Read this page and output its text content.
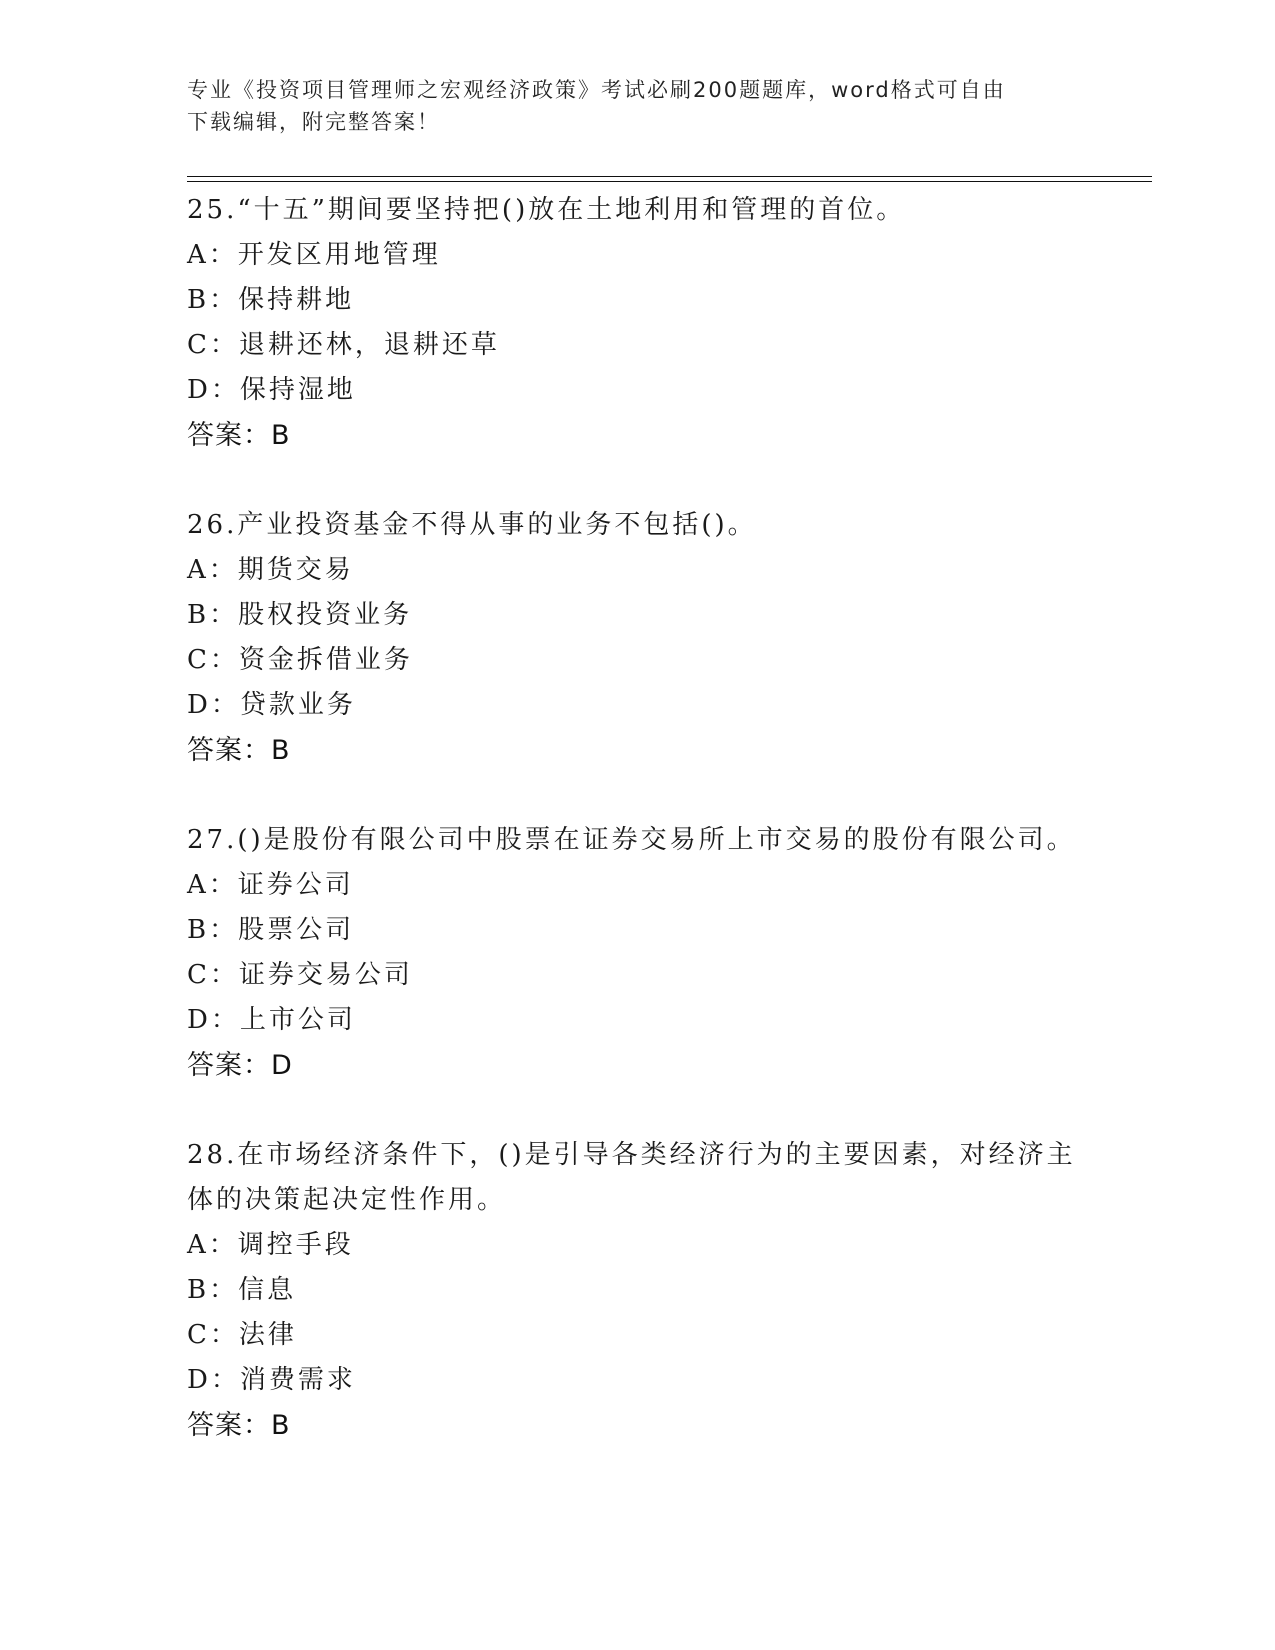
专业《投资项目管理师之宏观经济政策》考试必刷200题题库，word格式可自由
下载编辑，附完整答案！

25.“十五”期间要坚持把()放在土地利用和管理的首位。

A：开发区用地管理

B：保持耕地

C：退耕还林，退耕还草

D：保持湿地

答案：B

26.产业投资基金不得从事的业务不包括()。

A：期货交易

B：股权投资业务

C：资金拆借业务

D：贷款业务

答案：B

27.()是股份有限公司中股票在证券交易所上市交易的股份有限公司。

A：证券公司

B：股票公司

C：证券交易公司

D：上市公司

答案：D

28.在市场经济条件下，()是引导各类经济行为的主要因素，对经济主

体的决策起决定性作用。

A：调控手段

B：信息

C：法律

D：消费需求

答案：B
